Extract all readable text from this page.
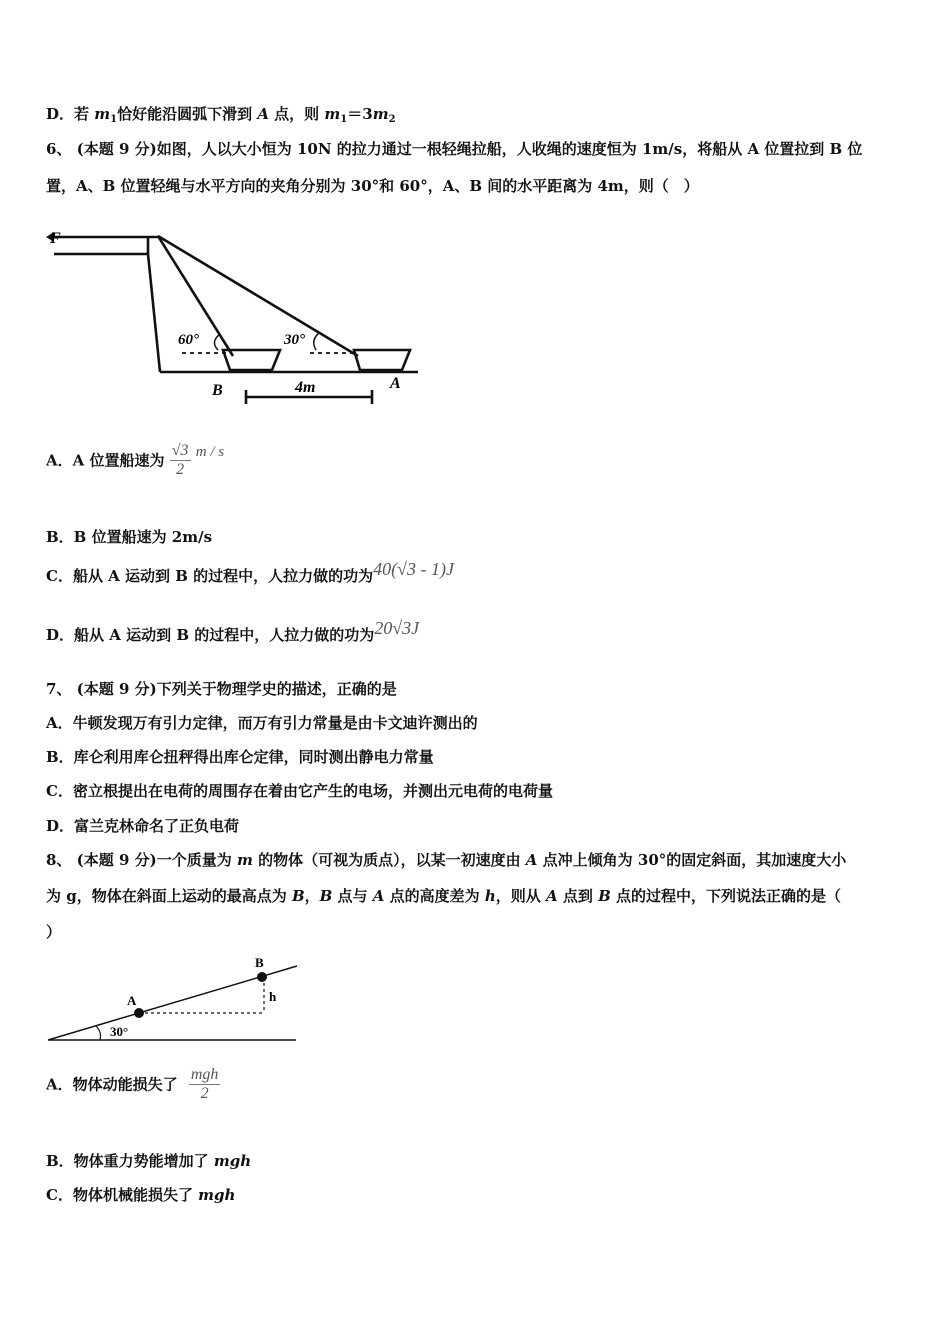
D．若 $m_1$恰好能沿圆弧下滑到 A 点，则 $m_1=3m_2$
6、 (本题 9 分)如图，人以大小恒为 10N 的拉力通过一根轻绳拉船，人收绳的速度恒为 1m/s，将船从 A 位置拉到 B 位
置，A、B 位置轻绳与水平方向的夹角分别为 30°和 60°，A、B 间的水平距离为 4m，则（　）
F
60°	30°
B	A
4m
A．A 位置船速为 $\frac{√3}{2}$ m / s
B．B 位置船速为 2m/s
C．船从 A 运动到 B 的过程中，人拉力做的功为40(√3 - 1)J
D．船从 A 运动到 B 的过程中，人拉力做的功为20√3J
7、 (本题 9 分)下列关于物理学史的描述，正确的是
A．牛顿发现万有引力定律，而万有引力常量是由卡文迪许测出的
B．库仑利用库仑扭秤得出库仑定律，同时测出静电力常量
C．密立根提出在电荷的周围存在着由它产生的电场，并测出元电荷的电荷量
D．富兰克林命名了正负电荷
8、 (本题 9 分)一个质量为 m 的物体（可视为质点），以某一初速度由 A 点冲上倾角为 30°的固定斜面，其加速度大小
为 g，物体在斜面上运动的最高点为 B，B 点与 A 点的高度差为 h，则从 A 点到 B 点的过程中，下列说法正确的是（
）
A
B
h
30°
A．物体动能损失了 $\frac{\text{mgh}}{2}$
B．物体重力势能增加了 mgh
C．物体机械能损失了 mgh
